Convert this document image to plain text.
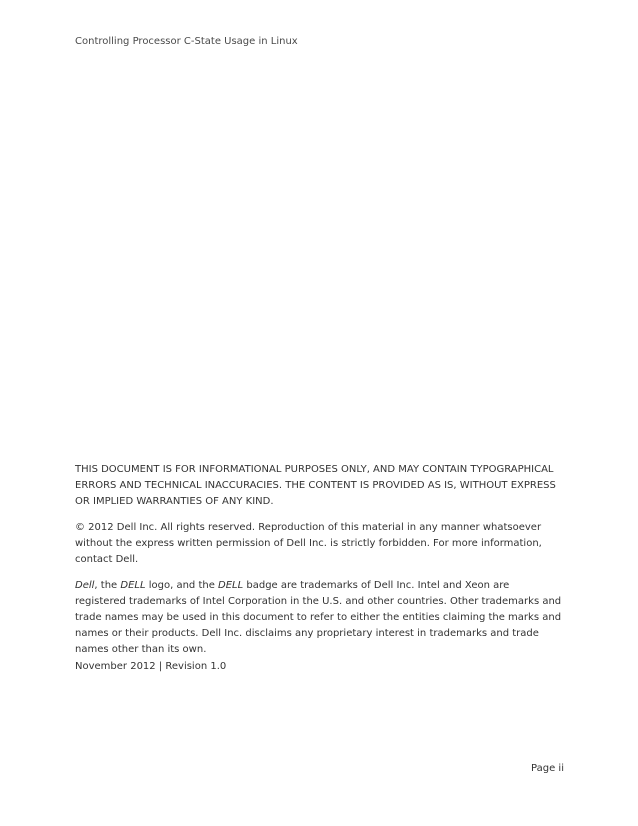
Controlling Processor C-State Usage in Linux

THIS DOCUMENT IS FOR INFORMATIONAL PURPOSES ONLY, AND MAY CONTAIN TYPOGRAPHICAL ERRORS AND TECHNICAL INACCURACIES. THE CONTENT IS PROVIDED AS IS, WITHOUT EXPRESS OR IMPLIED WARRANTIES OF ANY KIND.

© 2012 Dell Inc. All rights reserved. Reproduction of this material in any manner whatsoever without the express written permission of Dell Inc. is strictly forbidden. For more information, contact Dell.

Dell, the DELL logo, and the DELL badge are trademarks of Dell Inc. Intel and Xeon are registered trademarks of Intel Corporation in the U.S. and other countries. Other trademarks and trade names may be used in this document to refer to either the entities claiming the marks and names or their products. Dell Inc. disclaims any proprietary interest in trademarks and trade names other than its own.

November 2012 | Revision 1.0
Page ii
